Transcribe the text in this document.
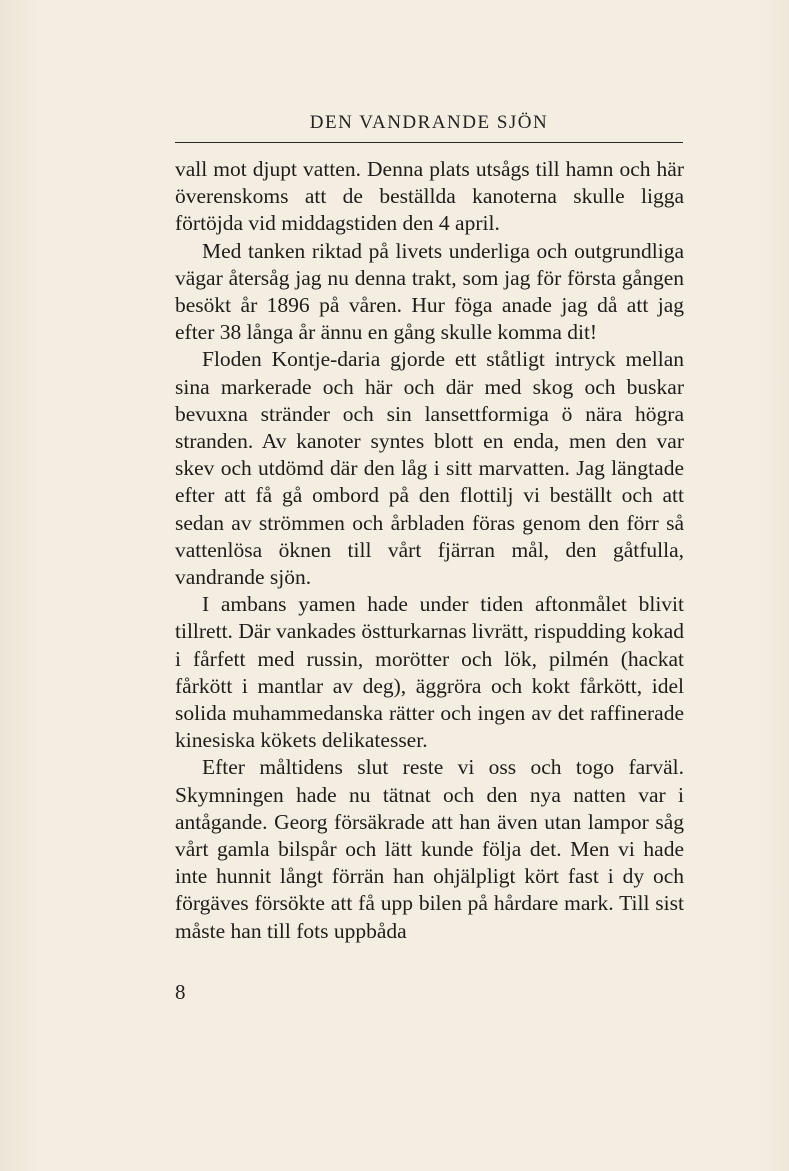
DEN VANDRANDE SJÖN

vall mot djupt vatten. Denna plats utsågs till hamn och här överenskoms att de beställda kanoterna skulle ligga förtöjda vid middagstiden den 4 april.

Med tanken riktad på livets underliga och outgrundliga vägar återsåg jag nu denna trakt, som jag för första gången besökt år 1896 på våren. Hur föga anade jag då att jag efter 38 långa år ännu en gång skulle komma dit!

Floden Kontje-daria gjorde ett ståtligt intryck mellan sina markerade och här och där med skog och buskar bevuxna stränder och sin lansettformiga ö nära högra stranden. Av kanoter syntes blott en enda, men den var skev och utdömd där den låg i sitt marvatten. Jag längtade efter att få gå ombord på den flottilj vi beställt och att sedan av strömmen och årbladen föras genom den förr så vattenlösa öknen till vårt fjärran mål, den gåtfulla, vandrande sjön.

I ambans yamen hade under tiden aftonmålet blivit tillrett. Där vankades östturkarnas livrätt, rispudding kokad i fårfett med russin, morötter och lök, pilmén (hackat fårkött i mantlar av deg), äggröra och kokt fårkött, idel solida muhammedanska rätter och ingen av det raffinerade kinesiska kökets delikatesser.

Efter måltidens slut reste vi oss och togo farväl. Skymningen hade nu tätnat och den nya natten var i antågande. Georg försäkrade att han även utan lampor såg vårt gamla bilspår och lätt kunde följa det. Men vi hade inte hunnit långt förrän han ohjälpligt kört fast i dy och förgäves försökte att få upp bilen på hårdare mark. Till sist måste han till fots uppbåda

8
